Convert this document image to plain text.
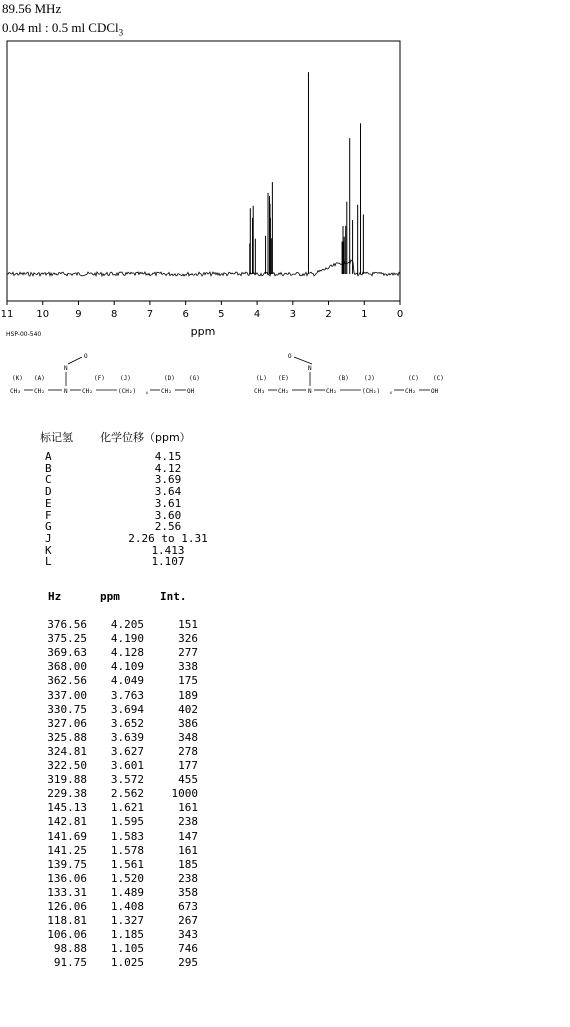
89.56 MHz
0.04 ml : 0.5 ml CDCl$_3$
11 10	9	8	7	6	5	4	3	2	1	0
ppm
HSP-00-540
(K) (A)	(F)	(J)	(D) (G)
CH₃ CH₂	N CH₂	(CH₂) ₄ CH₂	OH
N
O
(L) (E)	(B)	(J)	(C) (C)
CH₃ CH₂	N CH₂	(CH₂) ₄ CH₂	OH
N
O
标记氢 化学位移（ppm）
A	4.15
B	4.12
C	3.69
D	3.64
E	3.61
F	3.60
G	2.56
J	2.26 to 1.31
K	1.413
L	1.107
Hz	ppm	Int.
376.56	4.205	151
375.25	4.190	326
369.63	4.128	277
368.00	4.109	338
362.56	4.049	175
337.00	3.763	189
330.75	3.694	402
327.06	3.652	386
325.88	3.639	348
324.81	3.627	278
322.50	3.601	177
319.88	3.572	455
229.38	2.562	1000
145.13	1.621	161
142.81	1.595	238
141.69	1.583	147
141.25	1.578	161
139.75	1.561	185
136.06	1.520	238
133.31	1.489	358
126.06	1.408	673
118.81	1.327	267
106.06	1.185	343
98.88	1.105	746
91.75	1.025	295
